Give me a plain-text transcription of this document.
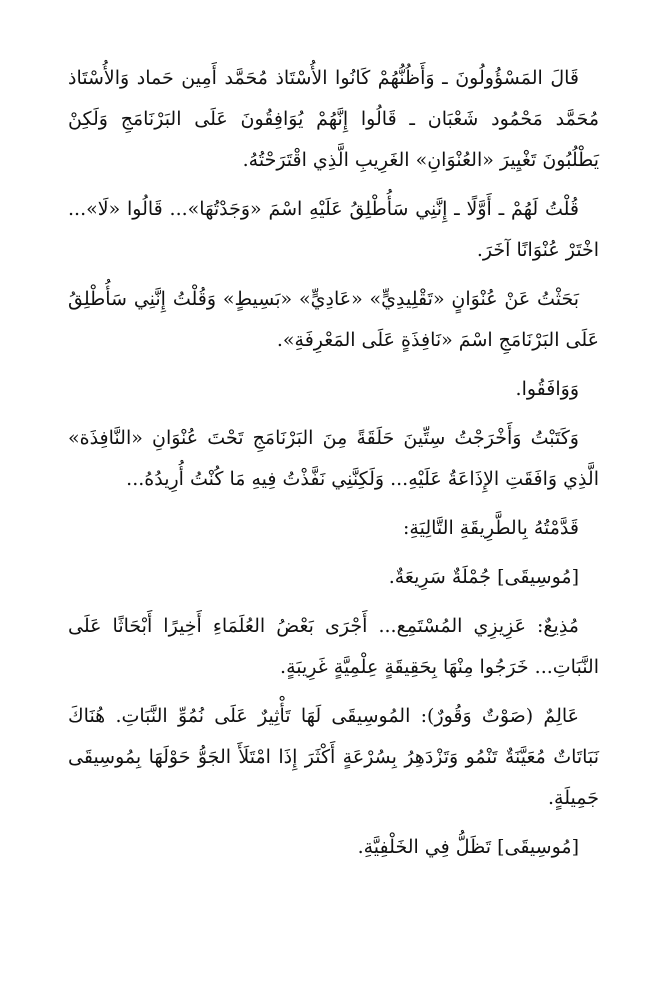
قَالَ المَسْؤُولُونَ ـ وَأَظُنُّهُمْ كَانُوا الأُسْتَاذ مُحَمَّد أَمِين حَماد وَالأُسْتَاذ مُحَمَّد مَحْمُود شَعْبَان ـ قَالُوا إِنَّهُمْ يُوَافِقُونَ عَلَى البَرْنَامَجِ وَلَكِنْ يَطْلُبُونَ تَغْيِيرَ «العُنْوَانِ» الغَرِيبِ الَّذِي اقْتَرَحْتُهُ.

قُلْتُ لَهُمْ ـ أَوَّلًا ـ إِنَّنِي سَأُطْلِقُ عَلَيْهِ اسْمَ «وَجَدْتُهَا»... قَالُوا «لَا»... اخْتَرْ عُنْوَانًا آخَرَ.

بَحَثْتُ عَنْ عُنْوَانٍ «تَقْلِيدِيٍّ» «عَادِيٍّ» «بَسِيطٍ» وَقُلْتُ إِنَّنِي سَأُطْلِقُ عَلَى البَرْنَامَجِ اسْمَ «نَافِذَةٍ عَلَى المَعْرِفَةِ».

وَوَافَقُوا.

وَكَتَبْتُ وَأَخْرَجْتُ سِتِّينَ حَلَقَةً مِنَ البَرْنَامَجِ تَحْتَ عُنْوَانِ «النَّافِذَة» الَّذِي وَافَقَتِ الإِذَاعَةُ عَلَيْهِ... وَلَكِنَّنِي نَفَّذْتُ فِيهِ مَا كُنْتُ أُرِيدُهُ...

قَدَّمْتُهُ بِالطَّرِيقَةِ التَّالِيَةِ:

[مُوسِيقَى] جُمْلَةٌ سَرِيعَةٌ.

مُذِيعٌ: عَزِيزِي المُسْتَمِع... أَجْرَى بَعْضُ العُلَمَاءِ أَخِيرًا أَبْحَاثًا عَلَى النَّبَاتِ... خَرَجُوا مِنْهَا بِحَقِيقَةٍ عِلْمِيَّةٍ غَرِيبَةٍ.

عَالِمٌ (صَوْتٌ وَقُورٌ): المُوسِيقَى لَهَا تَأْثِيرٌ عَلَى نُمُوِّ النَّبَاتِ. هُنَاكَ نَبَاتَاتٌ مُعَيَّنَةٌ تَنْمُو وَتَزْدَهِرُ بِسُرْعَةٍ أَكْثَرَ إِذَا امْتَلَأَ الجَوُّ حَوْلَهَا بِمُوسِيقَى جَمِيلَةٍ.

[مُوسِيقَى] تَظَلُّ فِي الخَلْفِيَّةِ.
